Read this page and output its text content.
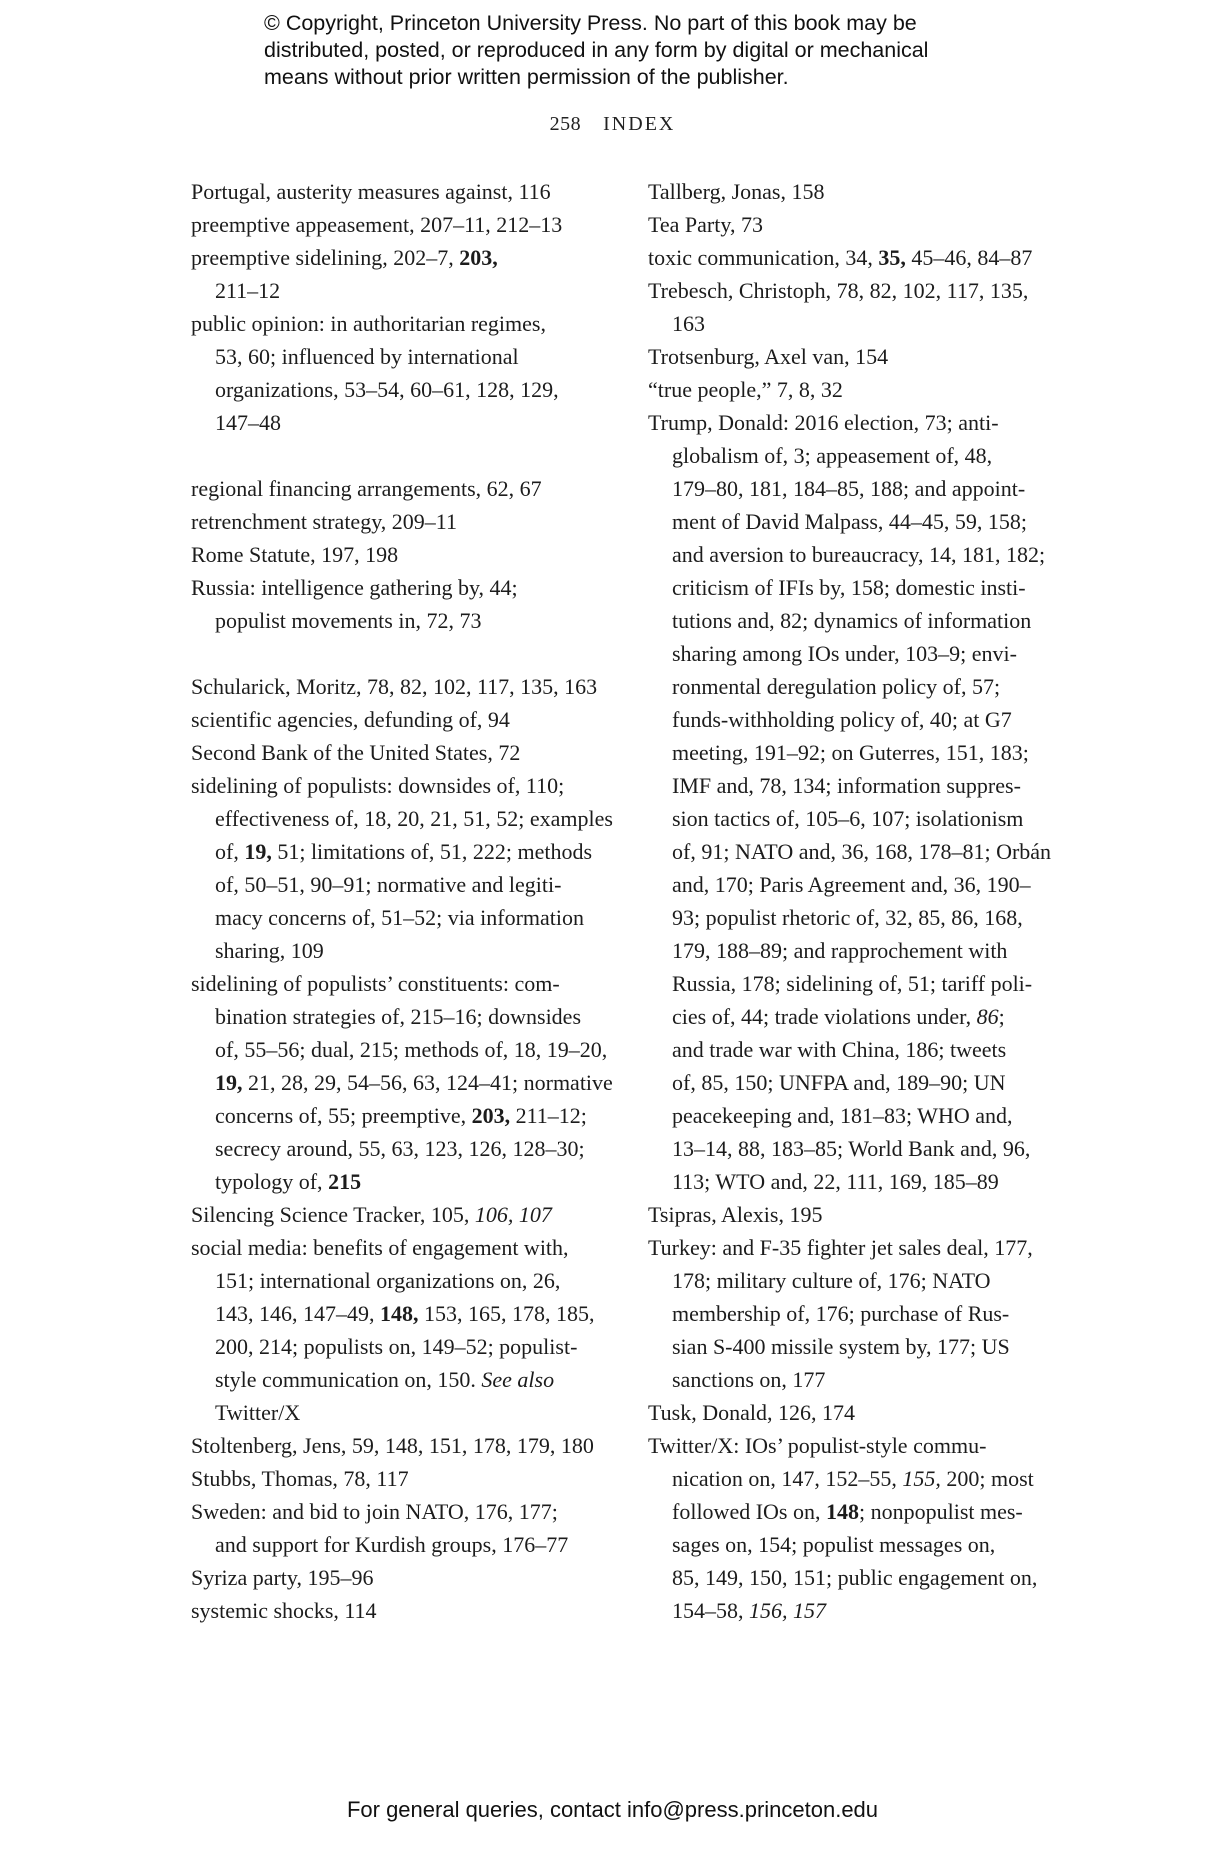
© Copyright, Princeton University Press. No part of this book may be
distributed, posted, or reproduced in any form by digital or mechanical
means without prior written permission of the publisher.
258 INDEX
Portugal, austerity measures against, 116
preemptive appeasement, 207–11, 212–13
preemptive sidelining, 202–7, 203,
211–12
public opinion: in authoritarian regimes,
53, 60; influenced by international
organizations, 53–54, 60–61, 128, 129,
147–48
regional financing arrangements, 62, 67
retrenchment strategy, 209–11
Rome Statute, 197, 198
Russia: intelligence gathering by, 44;
populist movements in, 72, 73
Schularick, Moritz, 78, 82, 102, 117, 135, 163
scientific agencies, defunding of, 94
Second Bank of the United States, 72
sidelining of populists: downsides of, 110;
effectiveness of, 18, 20, 21, 51, 52; examples
of, 19, 51; limitations of, 51, 222; methods
of, 50–51, 90–91; normative and legiti-
macy concerns of, 51–52; via information
sharing, 109
sidelining of populists’ constituents: com-
bination strategies of, 215–16; downsides
of, 55–56; dual, 215; methods of, 18, 19–20,
19, 21, 28, 29, 54–56, 63, 124–41; normative
concerns of, 55; preemptive, 203, 211–12;
secrecy around, 55, 63, 123, 126, 128–30;
typology of, 215
Silencing Science Tracker, 105, 106, 107
social media: benefits of engagement with,
151; international organizations on, 26,
143, 146, 147–49, 148, 153, 165, 178, 185,
200, 214; populists on, 149–52; populist-
style communication on, 150. See also
Twitter/X
Stoltenberg, Jens, 59, 148, 151, 178, 179, 180
Stubbs, Thomas, 78, 117
Sweden: and bid to join NATO, 176, 177;
and support for Kurdish groups, 176–77
Syriza party, 195–96
systemic shocks, 114
Tallberg, Jonas, 158
Tea Party, 73
toxic communication, 34, 35, 45–46, 84–87
Trebesch, Christoph, 78, 82, 102, 117, 135,
163
Trotsenburg, Axel van, 154
“true people,” 7, 8, 32
Trump, Donald: 2016 election, 73; anti-
globalism of, 3; appeasement of, 48,
179–80, 181, 184–85, 188; and appoint-
ment of David Malpass, 44–45, 59, 158;
and aversion to bureaucracy, 14, 181, 182;
criticism of IFIs by, 158; domestic insti-
tutions and, 82; dynamics of information
sharing among IOs under, 103–9; envi-
ronmental deregulation policy of, 57;
funds-withholding policy of, 40; at G7
meeting, 191–92; on Guterres, 151, 183;
IMF and, 78, 134; information suppres-
sion tactics of, 105–6, 107; isolationism
of, 91; NATO and, 36, 168, 178–81; Orbán
and, 170; Paris Agreement and, 36, 190–
93; populist rhetoric of, 32, 85, 86, 168,
179, 188–89; and rapprochement with
Russia, 178; sidelining of, 51; tariff poli-
cies of, 44; trade violations under, 86;
and trade war with China, 186; tweets
of, 85, 150; UNFPA and, 189–90; UN
peacekeeping and, 181–83; WHO and,
13–14, 88, 183–85; World Bank and, 96,
113; WTO and, 22, 111, 169, 185–89
Tsipras, Alexis, 195
Turkey: and F-35 fighter jet sales deal, 177,
178; military culture of, 176; NATO
membership of, 176; purchase of Rus-
sian S-400 missile system by, 177; US
sanctions on, 177
Tusk, Donald, 126, 174
Twitter/X: IOs’ populist-style commu-
nication on, 147, 152–55, 155, 200; most
followed IOs on, 148; nonpopulist mes-
sages on, 154; populist messages on,
85, 149, 150, 151; public engagement on,
154–58, 156, 157
For general queries, contact info@press.princeton.edu
